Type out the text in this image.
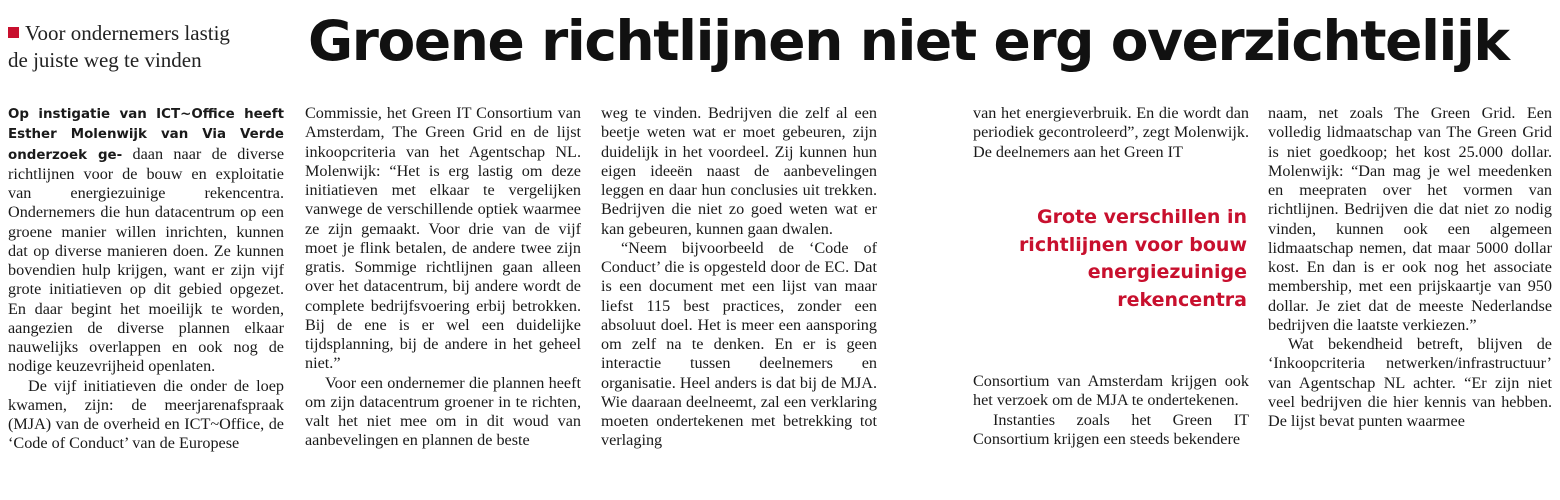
Voor ondernemers lastig
de juiste weg te vinden	Groene richtlijnen niet erg overzichtelijk

Op instigatie van ICT~Office heeft Esther Molenwijk van Via Verde onderzoek ge- daan naar de diverse richtlijnen voor de bouw en exploitatie van energiezuinige rekencentra. Ondernemers die hun datacentrum op een groene manier willen inrichten, kunnen dat op diverse manieren doen. Ze kunnen bovendien hulp krijgen, want er zijn vijf grote initiatieven op dit gebied opgezet. En daar begint het moeilijk te worden, aangezien de diverse plannen elkaar nauwelijks overlappen en ook nog de nodige keuzevrijheid openlaten.

De vijf initiatieven die onder de loep kwamen, zijn: de meerjarenafspraak (MJA) van de overheid en ICT~Office, de ‘Code of Conduct’ van de Europese

Commissie, het Green IT Consortium van Amsterdam, The Green Grid en de lijst inkoopcriteria van het Agentschap NL. Molenwijk: “Het is erg lastig om deze initiatieven met elkaar te vergelijken vanwege de verschillende optiek waarmee ze zijn gemaakt. Voor drie van de vijf moet je flink betalen, de andere twee zijn gratis. Sommige richtlijnen gaan alleen over het datacentrum, bij andere wordt de complete bedrijfsvoering erbij betrokken. Bij de ene is er wel een duidelijke tijdsplanning, bij de andere in het geheel niet.”

Voor een ondernemer die plannen heeft om zijn datacentrum groener in te richten, valt het niet mee om in dit woud van aanbevelingen en plannen de beste

weg te vinden. Bedrijven die zelf al een beetje weten wat er moet gebeuren, zijn duidelijk in het voordeel. Zij kunnen hun eigen ideeën naast de aanbevelingen leggen en daar hun conclusies uit trekken. Bedrijven die niet zo goed weten wat er kan gebeuren, kunnen gaan dwalen.

“Neem bijvoorbeeld de ‘Code of Conduct’ die is opgesteld door de EC. Dat is een document met een lijst van maar liefst 115 best practices, zonder een absoluut doel. Het is meer een aansporing om zelf na te denken. En er is geen interactie tussen deelnemers en organisatie. Heel anders is dat bij de MJA. Wie daaraan deelneemt, zal een verklaring moeten ondertekenen met betrekking tot verlaging

van het energieverbruik. En die wordt dan periodiek gecontroleerd”, zegt Molenwijk. De deelnemers aan het Green IT

Grote verschillen in
richtlijnen voor bouw
energiezuinige
rekencentra

Consortium van Amsterdam krijgen ook het verzoek om de MJA te ondertekenen.

Instanties zoals het Green IT Consortium krijgen een steeds bekendere

naam, net zoals The Green Grid. Een volledig lidmaatschap van The Green Grid is niet goedkoop; het kost 25.000 dollar. Molenwijk: “Dan mag je wel meedenken en meepraten over het vormen van richtlijnen. Bedrijven die dat niet zo nodig vinden, kunnen ook een algemeen lidmaatschap nemen, dat maar 5000 dollar kost. En dan is er ook nog het associate membership, met een prijskaartje van 950 dollar. Je ziet dat de meeste Nederlandse bedrijven die laatste verkiezen.”

Wat bekendheid betreft, blijven de ‘Inkoopcriteria netwerken/infrastructuur’ van Agentschap NL achter. “Er zijn niet veel bedrijven die hier kennis van hebben. De lijst bevat punten waarmee
